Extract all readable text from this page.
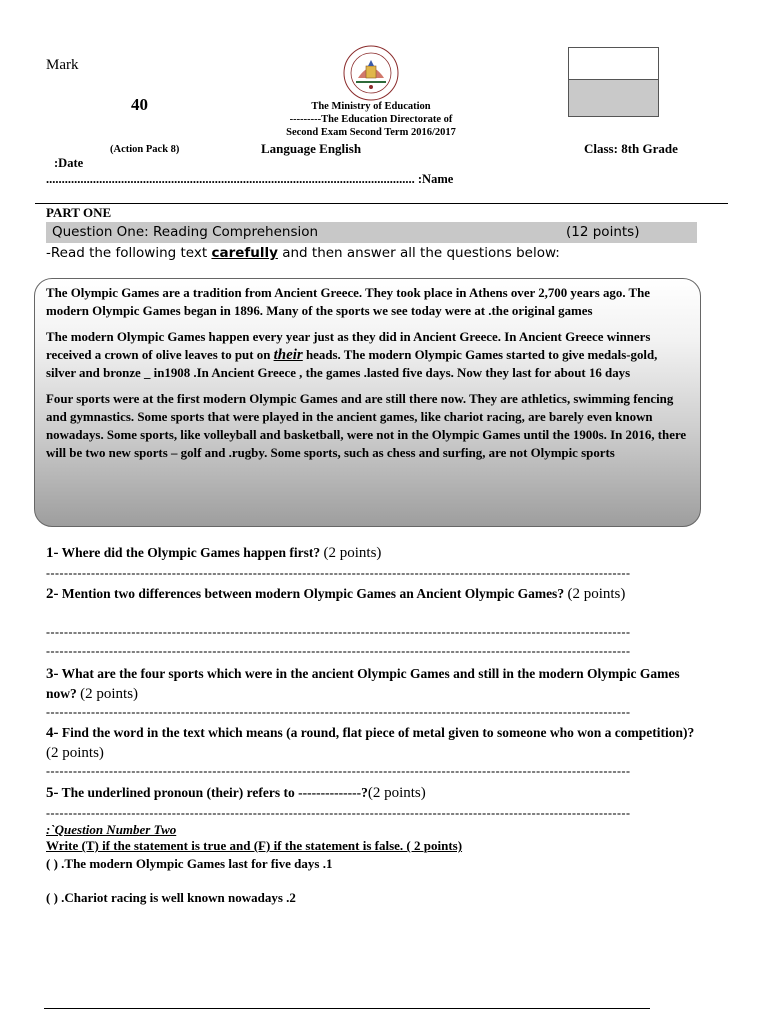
Mark
40	The Ministry of Education
---------The Education Directorate of
Second Exam Second Term 2016/2017
(Action Pack 8)	Language English	Class: 8th Grade
:Date
...................................................................................................................... :Name
PART ONE
Question One: Reading Comprehension	(12 points)
-Read the following text carefully and then answer all the questions below:

The Olympic Games are a tradition from Ancient Greece. They took place in Athens over 2,700 years ago. The modern Olympic Games began in 1896. Many of the sports we see today were at .the original games

The modern Olympic Games happen every year just as they did in Ancient Greece. In Ancient Greece winners received a crown of olive leaves to put on their heads. The modern Olympic Games started to give medals-gold, silver and bronze _ in1908 .In Ancient Greece , the games .lasted five days. Now they last for about 16 days

Four sports were at the first modern Olympic Games and are still there now. They are athletics, swimming fencing and gymnastics. Some sports that were played in the ancient games, like chariot racing, are barely even known nowadays. Some sports, like volleyball and basketball, were not in the Olympic Games until the 1900s. In 2016, there will be two new sports – golf and .rugby. Some sports, such as chess and surfing, are not Olympic sports

1- Where did the Olympic Games happen first? (2 points)
----------------------------------------------------------------------------------------------------------------------------------
2- Mention two differences between modern Olympic Games an Ancient Olympic Games? (2 points)
----------------------------------------------------------------------------------------------------------------------------------
----------------------------------------------------------------------------------------------------------------------------------
3- What are the four sports which were in the ancient Olympic Games and still in the modern Olympic Games now? (2 points)
----------------------------------------------------------------------------------------------------------------------------------
4- Find the word in the text which means (a round, flat piece of metal given to someone who won a competition)? (2 points)
----------------------------------------------------------------------------------------------------------------------------------
5- The underlined pronoun (their) refers to --------------?(2 points)
----------------------------------------------------------------------------------------------------------------------------------
:`Question Number Two
Write (T) if the statement is true and (F) if the statement is false. ( 2 points)
( ) .The modern Olympic Games last for five days .1
( ) .Chariot racing is well known nowadays .2
